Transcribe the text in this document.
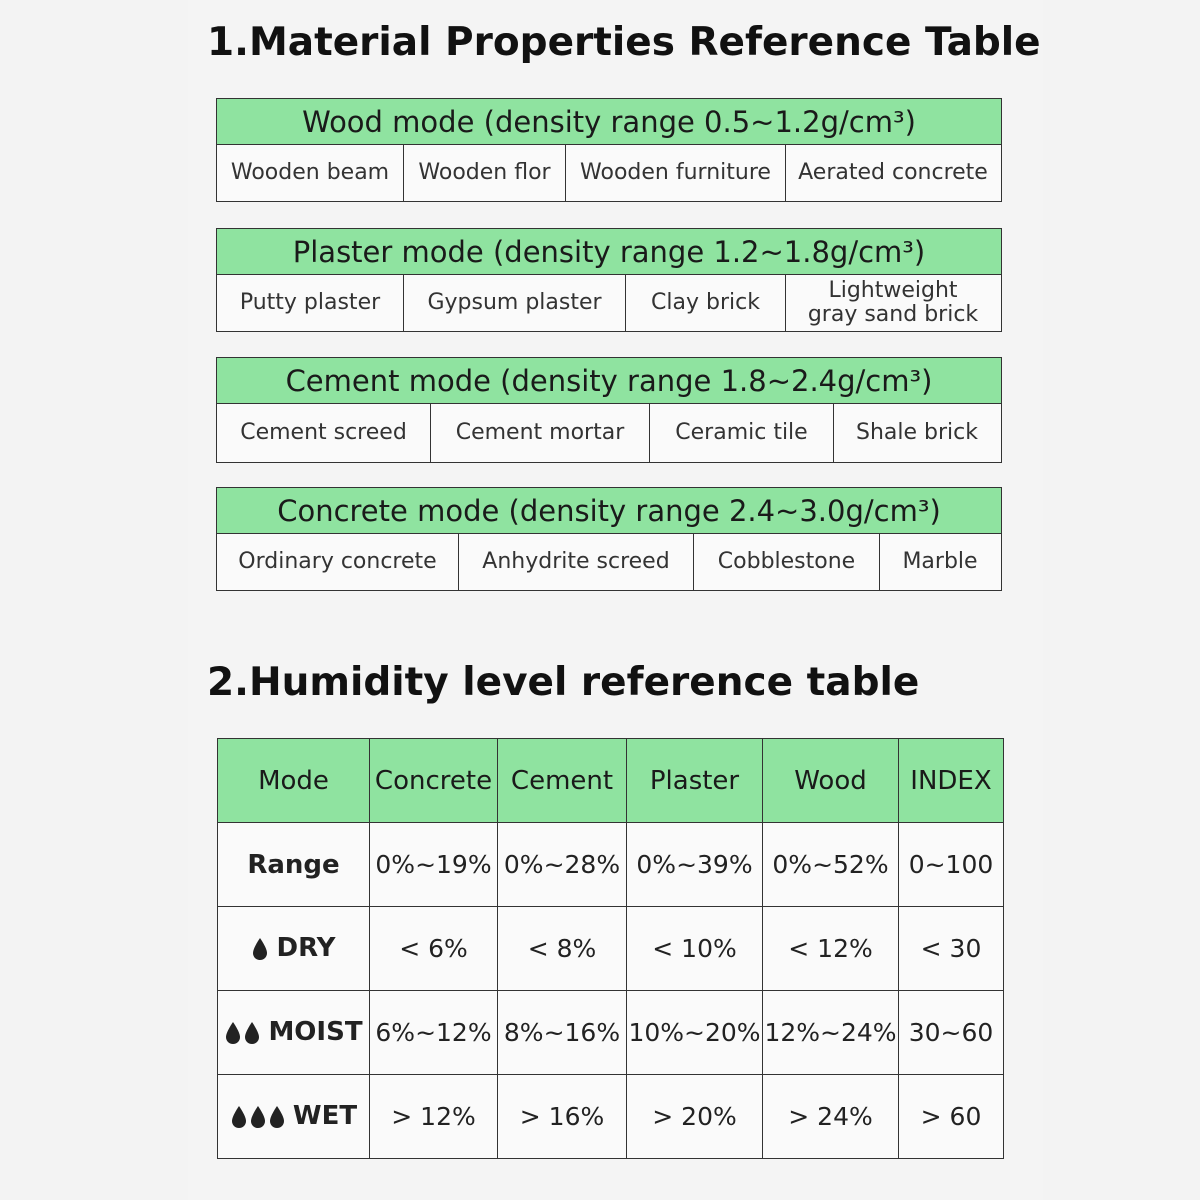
1.Material Properties Reference Table
Wood mode (density range 0.5~1.2g/cm³)
Wooden beam	Wooden flor	Wooden furniture	Aerated concrete
Plaster mode (density range 1.2~1.8g/cm³)
Putty plaster	Gypsum plaster	Clay brick	Lightweight
gray sand brick
Cement mode (density range 1.8~2.4g/cm³)
Cement screed	Cement mortar	Ceramic tile	Shale brick
Concrete mode (density range 2.4~3.0g/cm³)
Ordinary concrete	Anhydrite screed	Cobblestone	Marble
2.Humidity level reference table
Mode	Concrete	Cement	Plaster	Wood	INDEX
Range	0%~19%	0%~28%	0%~39%	0%~52%	0~100
DRY	< 6%	< 8%	< 10%	< 12%	< 30
MOIST	6%~12%	8%~16%	10%~20%	12%~24%	30~60
WET	> 12%	> 16%	> 20%	> 24%	> 60
